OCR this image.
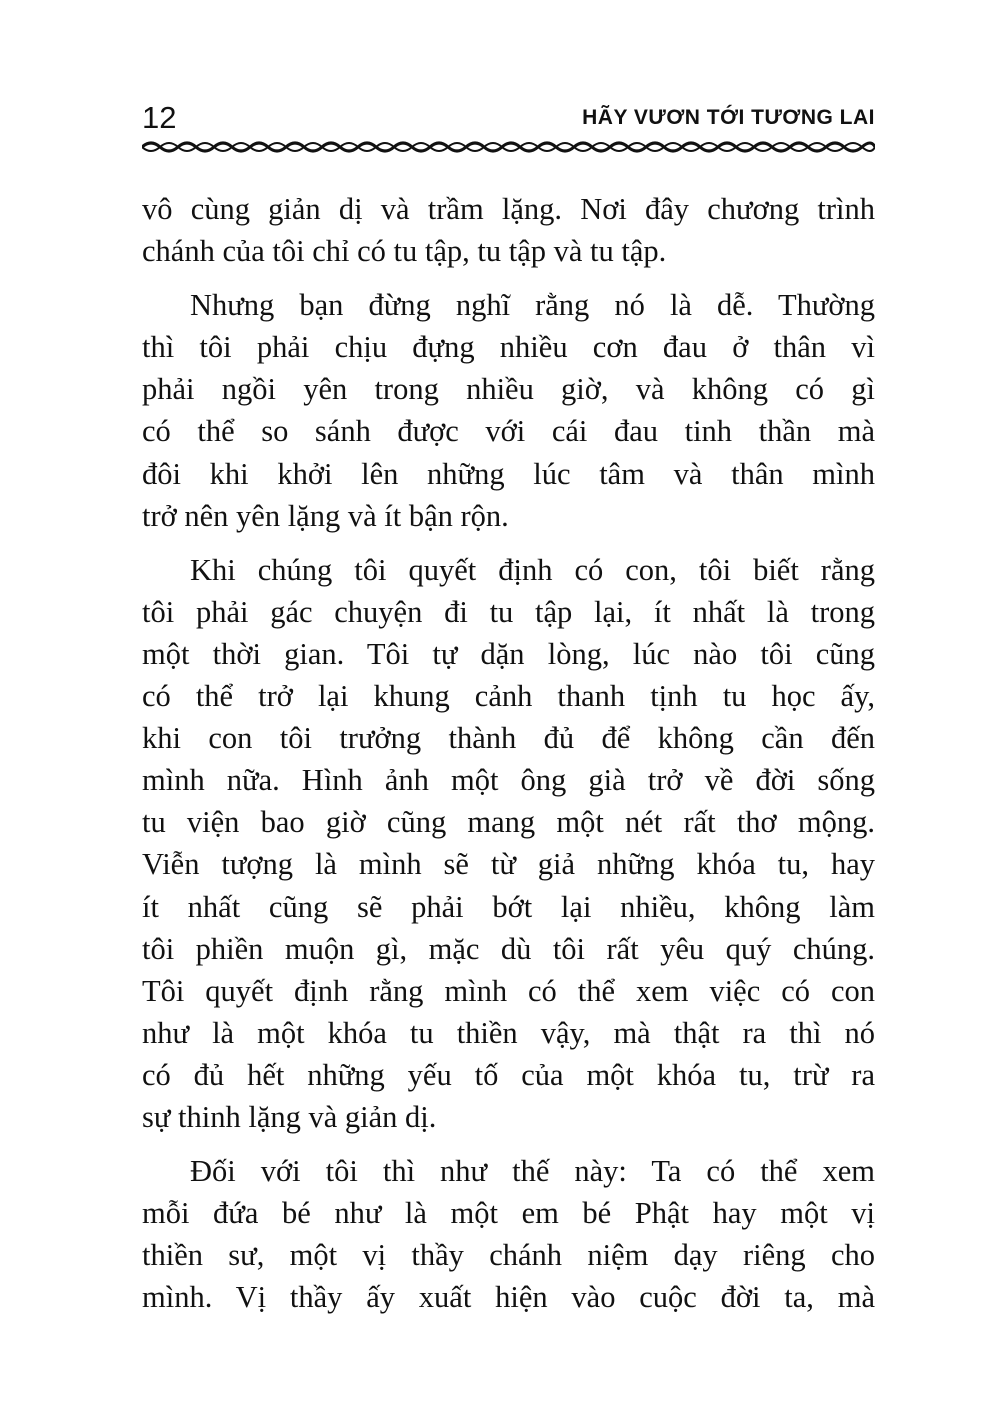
12	HÃY VƯƠN TỚI TƯƠNG LAI

vô cùng giản dị và trầm lặng. Nơi đây chương trình
chánh của tôi chỉ có tu tập, tu tập và tu tập.

Nhưng bạn đừng nghĩ rằng nó là dễ. Thường

thì tôi phải chịu đựng nhiều cơn đau ở thân vì
phải ngồi yên trong nhiều giờ, và không có gì
có thể so sánh được với cái đau tinh thần mà
đôi khi khởi lên những lúc tâm và thân mình
trở nên yên lặng và ít bận rộn.

Khi chúng tôi quyết định có con, tôi biết rằng

tôi phải gác chuyện đi tu tập lại, ít nhất là trong
một thời gian. Tôi tự dặn lòng, lúc nào tôi cũng
có thể trở lại khung cảnh thanh tịnh tu học ấy,
khi con tôi trưởng thành đủ để không cần đến
mình nữa. Hình ảnh một ông già trở về đời sống
tu viện bao giờ cũng mang một nét rất thơ mộng.
Viễn tượng là mình sẽ từ giả những khóa tu, hay
ít nhất cũng sẽ phải bớt lại nhiều, không làm
tôi phiền muộn gì, mặc dù tôi rất yêu quý chúng.
Tôi quyết định rằng mình có thể xem việc có con
như là một khóa tu thiền vậy, mà thật ra thì nó
có đủ hết những yếu tố của một khóa tu, trừ ra
sự thinh lặng và giản dị.

Đối với tôi thì như thế này: Ta có thể xem

mỗi đứa bé như là một em bé Phật hay một vị
thiền sư, một vị thầy chánh niệm dạy riêng cho
mình. Vị thầy ấy xuất hiện vào cuộc đời ta, mà
